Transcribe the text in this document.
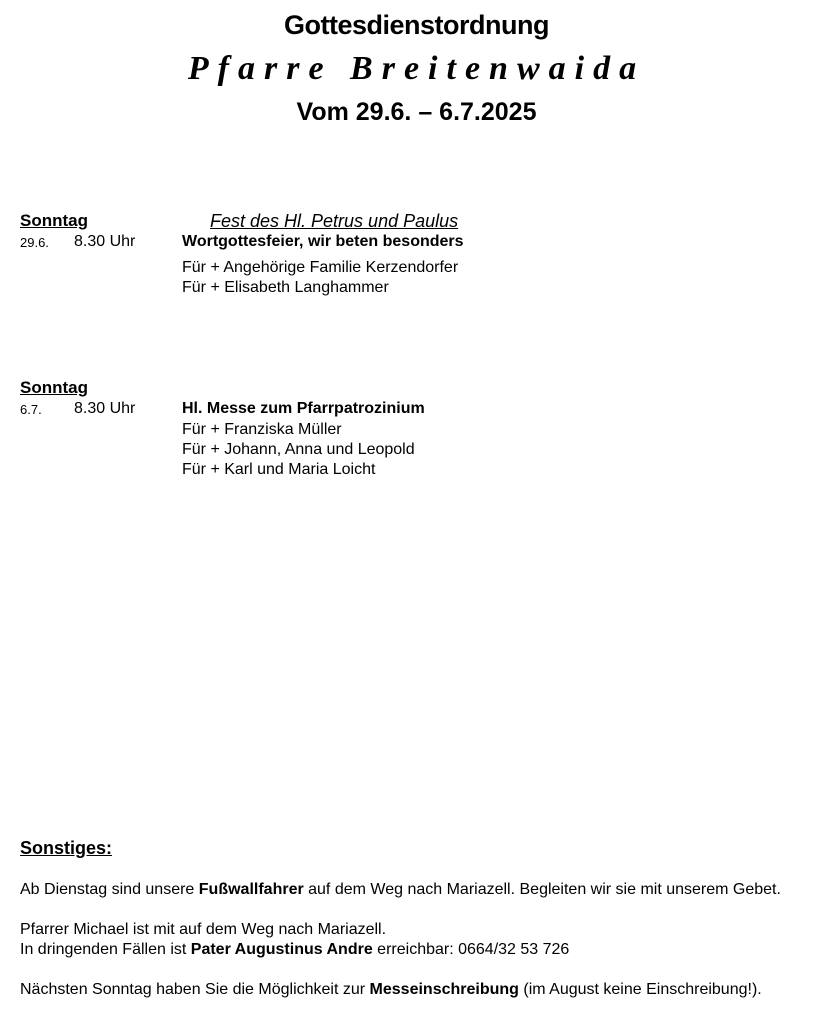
Gottesdienstordnung
Pfarre Breitenwaida
Vom 29.6. – 6.7.2025
Sonntag	Fest des Hl. Petrus und Paulus
29.6. 8.30 Uhr	Wortgottesfeier, wir beten besonders
Für + Angehörige Familie Kerzendorfer
Für + Elisabeth Langhammer
Sonntag
6.7. 8.30 Uhr	Hl. Messe zum Pfarrpatrozinium
Für + Franziska Müller
Für + Johann, Anna und Leopold
Für + Karl und Maria Loicht
Sonstiges:

Ab Dienstag sind unsere Fußwallfahrer auf dem Weg nach Mariazell. Begleiten wir sie mit unserem Gebet.

Pfarrer Michael ist mit auf dem Weg nach Mariazell.

In dringenden Fällen ist Pater Augustinus Andre erreichbar: 0664/32 53 726

Nächsten Sonntag haben Sie die Möglichkeit zur Messeinschreibung (im August keine Einschreibung!).
